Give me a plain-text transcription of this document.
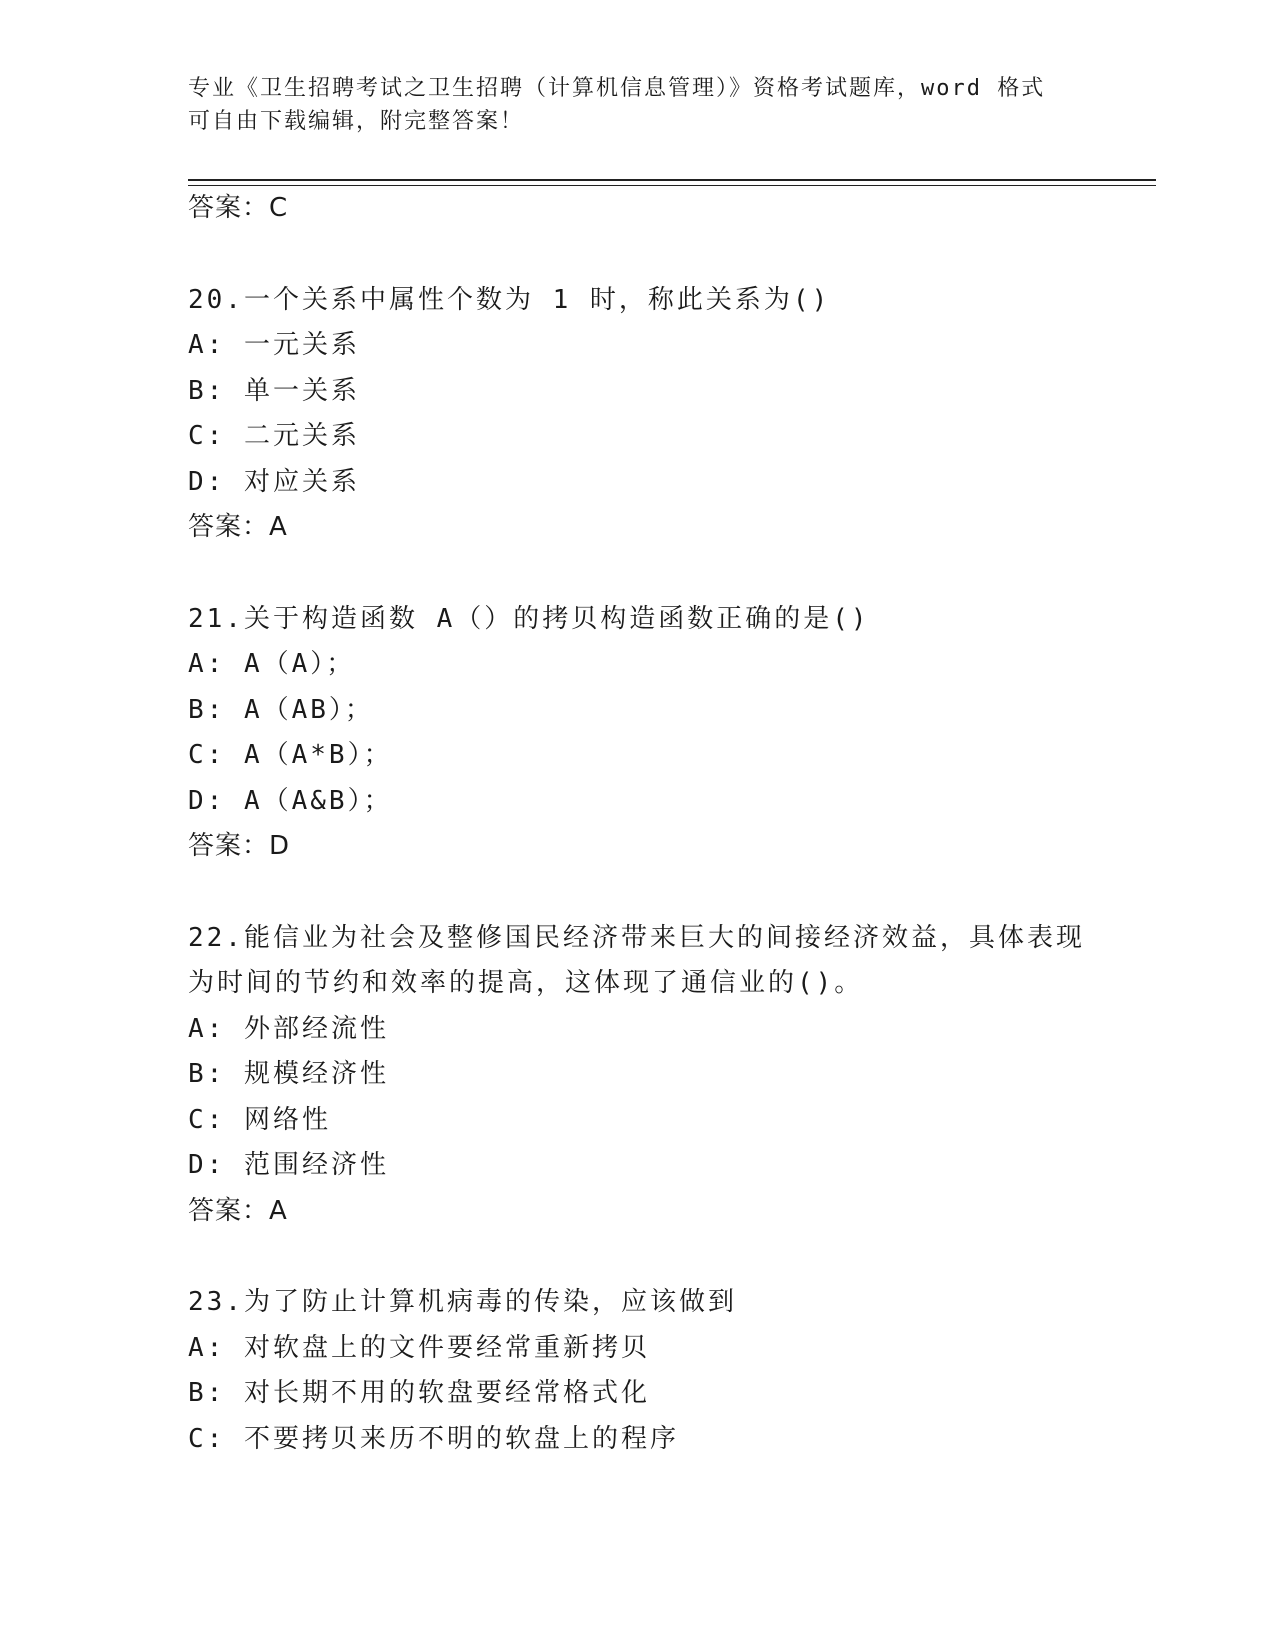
专业《卫生招聘考试之卫生招聘（计算机信息管理）》资格考试题库，word 格式
可自由下载编辑，附完整答案！
答案：C
20.一个关系中属性个数为 1 时，称此关系为()
A: 一元关系
B: 单一关系
C: 二元关系
D: 对应关系
答案：A
21.关于构造函数 A（）的拷贝构造函数正确的是()
A: A（A）；
B: A（AB）；
C: A（A*B）；
D: A（A&B）；
答案：D
22.能信业为社会及整修国民经济带来巨大的间接经济效益，具体表现
为时间的节约和效率的提高，这体现了通信业的()。
A: 外部经流性
B: 规模经济性
C: 网络性
D: 范围经济性
答案：A
23.为了防止计算机病毒的传染，应该做到
A: 对软盘上的文件要经常重新拷贝
B: 对长期不用的软盘要经常格式化
C: 不要拷贝来历不明的软盘上的程序
